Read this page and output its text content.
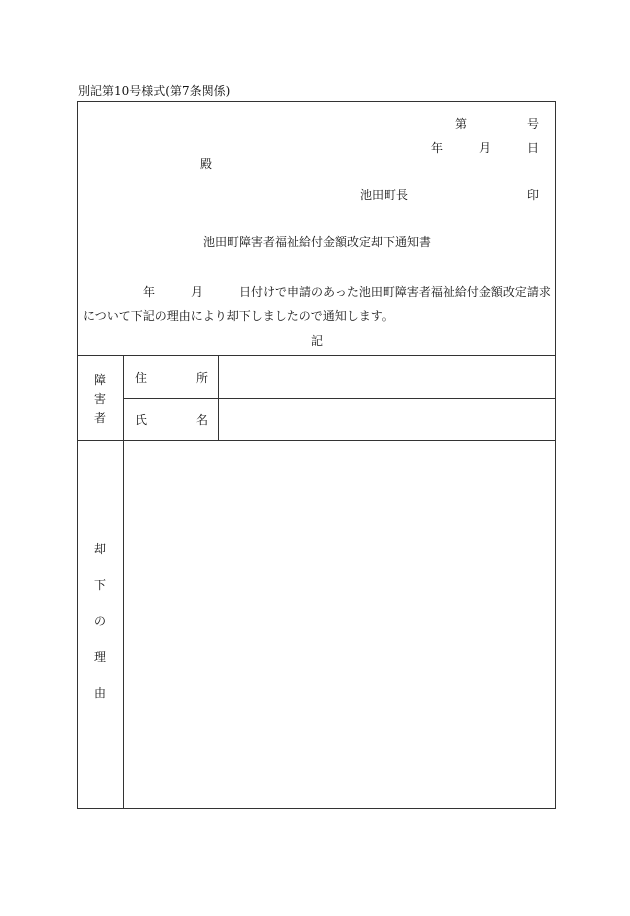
別記第10号様式(第7条関係)
第	号
年	月	日
殿
池田町長	印
池田町障害者福祉給付金額改定却下通知書
年	月	日付けで申請のあった池田町障害者福祉給付金額改定請求
について下記の理由により却下しましたので通知します。
記
障
害
者
住	所
氏	名
却
下
の
理
由
